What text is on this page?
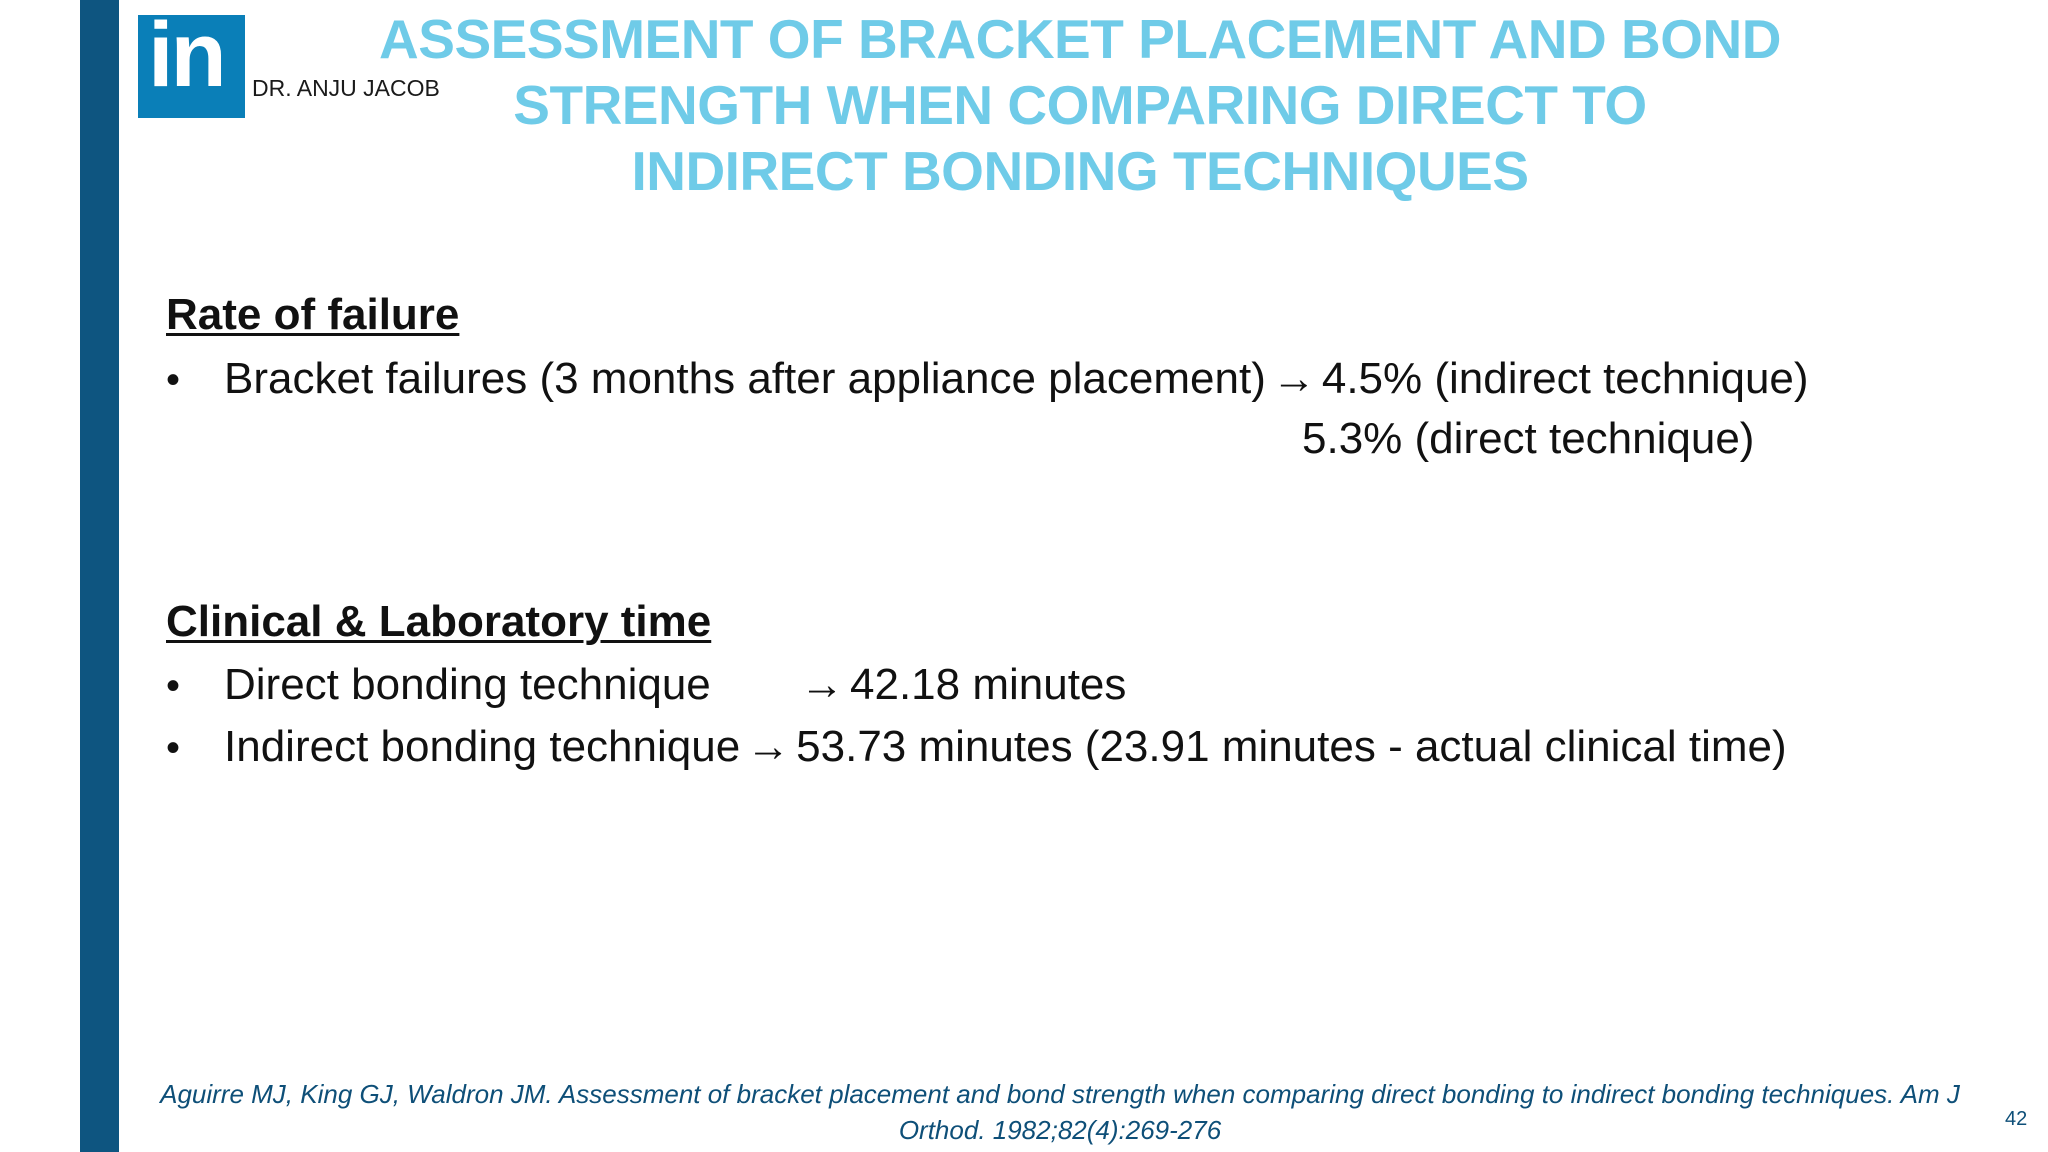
in DR. ANJU JACOB
ASSESSMENT OF BRACKET PLACEMENT AND BOND
STRENGTH WHEN COMPARING DIRECT TO
INDIRECT BONDING TECHNIQUES
Rate of failure
• Bracket failures (3 months after appliance placement) → 4.5% (indirect technique)
5.3% (direct technique)
Clinical & Laboratory time
• Direct bonding technique → 42.18 minutes
• Indirect bonding technique → 53.73 minutes (23.91 minutes - actual clinical time)
Aguirre MJ, King GJ, Waldron JM. Assessment of bracket placement and bond strength when comparing direct bonding to indirect bonding techniques. Am J
Orthod. 1982;82(4):269-276	42
